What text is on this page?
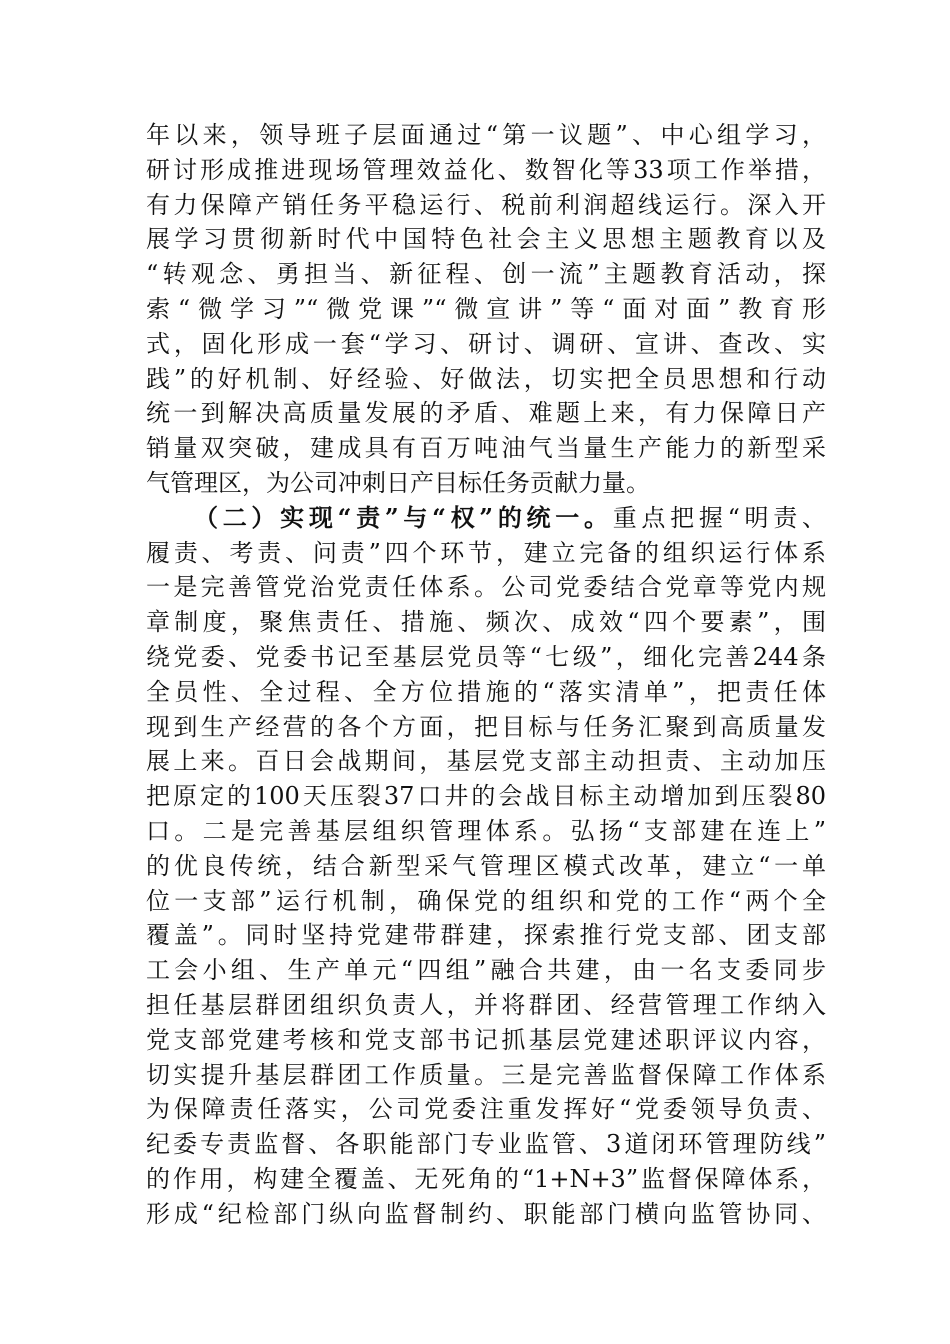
年以来，领导班子层面通过“第一议题”、中心组学习，
研讨形成推进现场管理效益化、数智化等33项工作举措，
有力保障产销任务平稳运行、税前利润超线运行。深入开
展学习贯彻新时代中国特色社会主义思想主题教育以及
“转观念、勇担当、新征程、创一流”主题教育活动，探
索“微学习”“微党课”“微宣讲”等“面对面”教育形
式，固化形成一套“学习、研讨、调研、宣讲、查改、实
践”的好机制、好经验、好做法，切实把全员思想和行动
统一到解决高质量发展的矛盾、难题上来，有力保障日产
销量双突破，建成具有百万吨油气当量生产能力的新型采
气管理区，为公司冲刺日产目标任务贡献力量。
（二）实现“责”与“权”的统一。重点把握“明责、
履责、考责、问责”四个环节，建立完备的组织运行体系
一是完善管党治党责任体系。公司党委结合党章等党内规
章制度，聚焦责任、措施、频次、成效“四个要素”，围
绕党委、党委书记至基层党员等“七级”，细化完善244条
全员性、全过程、全方位措施的“落实清单”，把责任体
现到生产经营的各个方面，把目标与任务汇聚到高质量发
展上来。百日会战期间，基层党支部主动担责、主动加压
把原定的100天压裂37口井的会战目标主动增加到压裂80
口。二是完善基层组织管理体系。弘扬“支部建在连上”
的优良传统，结合新型采气管理区模式改革，建立“一单
位一支部”运行机制，确保党的组织和党的工作“两个全
覆盖”。同时坚持党建带群建，探索推行党支部、团支部
工会小组、生产单元“四组”融合共建，由一名支委同步
担任基层群团组织负责人，并将群团、经营管理工作纳入
党支部党建考核和党支部书记抓基层党建述职评议内容，
切实提升基层群团工作质量。三是完善监督保障工作体系
为保障责任落实，公司党委注重发挥好“党委领导负责、
纪委专责监督、各职能部门专业监管、3道闭环管理防线”
的作用，构建全覆盖、无死角的“1+N+3”监督保障体系，
形成“纪检部门纵向监督制约、职能部门横向监管协同、
